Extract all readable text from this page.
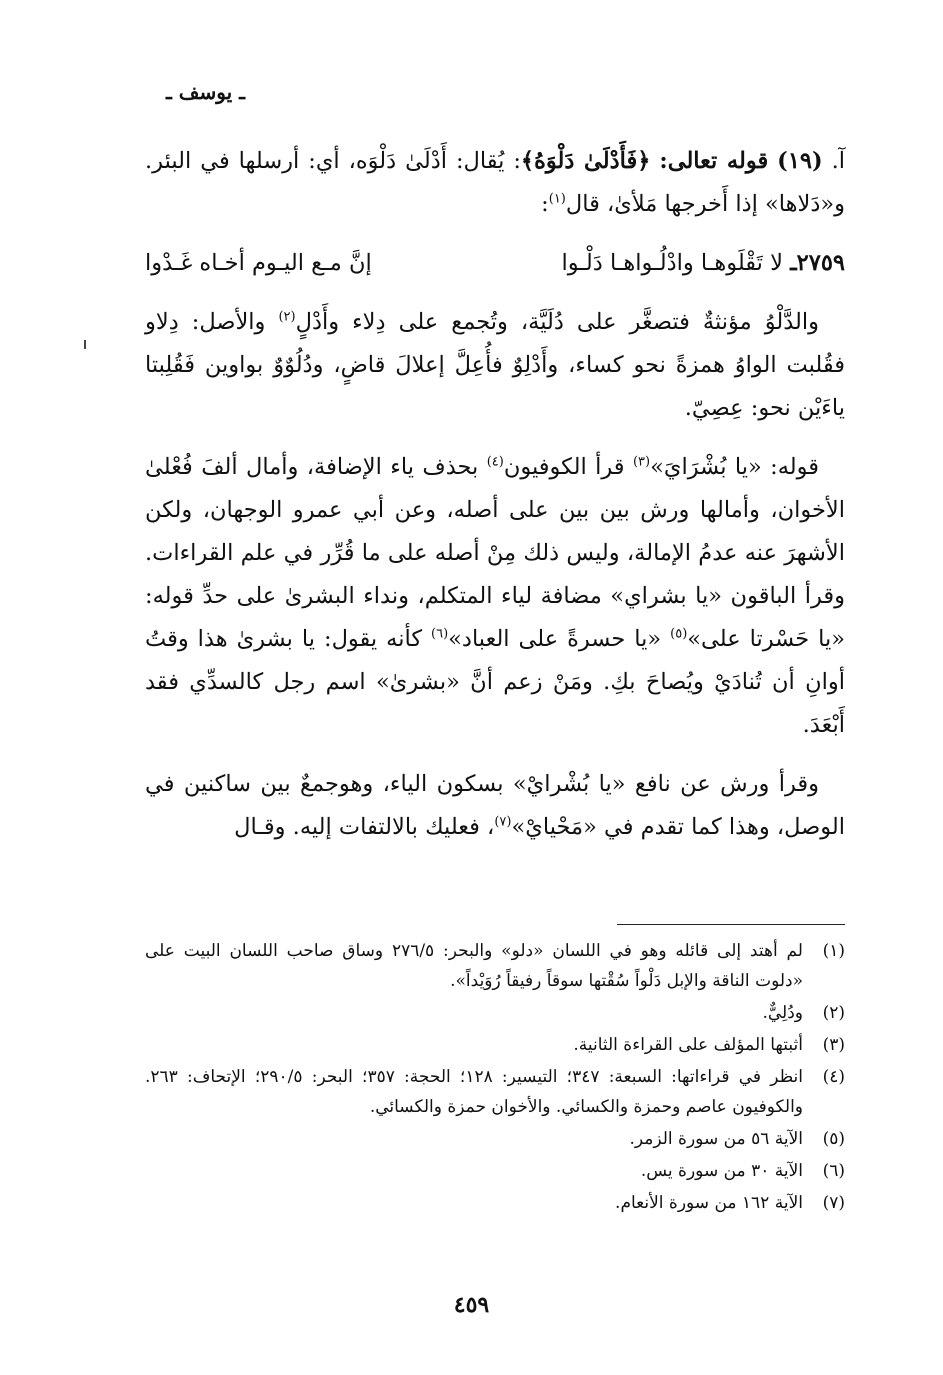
ـ يوسف ـ

آ. (١٩) قوله تعالى: ﴿فَأَدْلَىٰ دَلْوَهُ﴾: يُقال: أَدْلَىٰ دَلْوَه، أي: أرسلها في البئر. و«دَلاها» إذا أَخرجها مَلأىٰ، قال$^{(١)}$:

٢٧٥٩ـ لا تَقْلَوهـا وادْلُـواهـا دَلْـوا
إنَّ مـع اليـوم أخـاه غَـدْوا

والدَّلْوُ مؤنثةٌ فتصغَّر على دُلَيَّة، وتُجمع على دِلاء وأَدْلٍ$^{(٢)}$ والأصل: دِلاو فقُلبت الواوُ همزةً نحو كساء، وأَدْلِوٌ فأُعِلَّ إعلالَ قاضٍ، ودُلُوٌوٌ بواوين فَقُلِبتا ياءَيْن نحو: عِصِيّ.

قوله: «يا بُشْرَايَ»$^{(٣)}$ قرأ الكوفيون$^{(٤)}$ بحذف ياء الإضافة، وأمال ألفَ فُعْلىٰ الأخوان، وأمالها ورش بين بين على أصله، وعن أبي عمرو الوجهان، ولكن الأشهرَ عنه عدمُ الإمالة، وليس ذلك مِنْ أصله على ما قُرِّر في علم القراءات. وقرأ الباقون «يا بشراي» مضافة لياء المتكلم، ونداء البشرىٰ على حدِّ قوله: «يا حَسْرتا على»$^{(٥)}$ «يا حسرةً على العباد»$^{(٦)}$ كأنه يقول: يا بشرىٰ هذا وقتُ أوانِ أن تُنادَيْ ويُصاحَ بكِ. ومَنْ زعم أنَّ «بشرىٰ» اسم رجل كالسدِّي فقد أَبْعَدَ.

وقرأ ورش عن نافع «يا بُشْرايْ» بسكون الياء، وهوجمعٌ بين ساكنين في الوصل، وهذا كما تقدم في «مَحْيايْ»$^{(٧)}$، فعليك بالالتفات إليه. وقـال

(١)
لم أهتد إلى قائله وهو في اللسان «دلو» والبحر: ٢٧٦/٥ وساق صاحب اللسان البيت على «دلوت الناقة والإبل دَلْواً سُقْتها سوقاً رفيقاً رُوَيْداً».
(٢)
ودُلِيٌّ.
(٣)
أثبتها المؤلف على القراءة الثانية.
(٤)
انظر في قراءاتها: السبعة: ٣٤٧؛ التيسير: ١٢٨؛ الحجة: ٣٥٧؛ البحر: ٢٩٠/٥؛ الإتحاف: ٢٦٣. والكوفيون عاصم وحمزة والكسائي. والأخوان حمزة والكسائي.
(٥)
الآية ٥٦ من سورة الزمر.
(٦)
الآية ٣٠ من سورة يس.
(٧)
الآية ١٦٢ من سورة الأنعام.
٤٥٩
